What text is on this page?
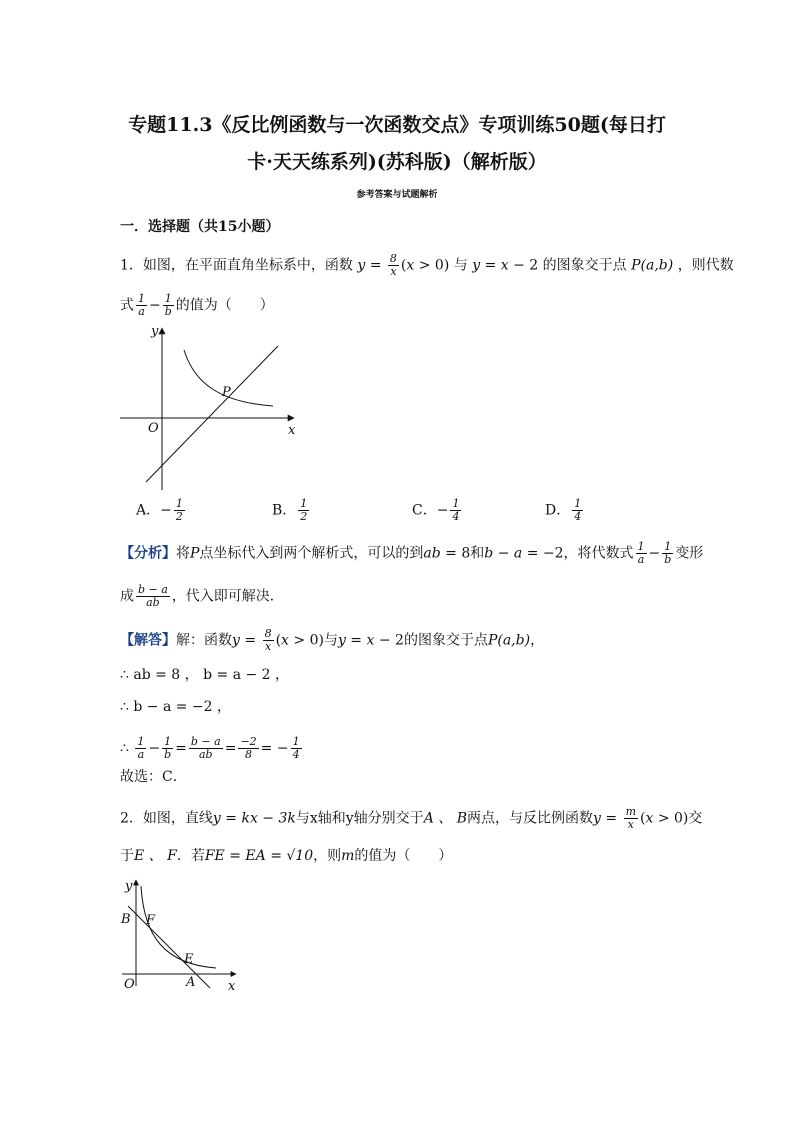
专题11.3《反比例函数与一次函数交点》专项训练50题(每日打
卡·天天练系列)(苏科版)（解析版）
参考答案与试题解析
一．选择题（共15小题）
1．如图，在平面直角坐标系中，函数 $y = \frac{8}{x} (x > 0)$ 与 y = x − 2 的图象交于点 P(a,b) ，则代数
式 $\frac{1}{a} - \frac{1}{b}$ 的值为（　　）
y
x
O
P
A．− $\frac{1}{2}$	B． $\frac{1}{2}$	C．− $\frac{1}{4}$	D． $\frac{1}{4}$
【分析】将P点坐标代入到两个解析式，可以的到ab = 8和b − a = −2，将代数式 $\frac{1}{a} - \frac{1}{b}$ 变形
成 $\frac{b - a}{ab}$ ，代入即可解决．
【解答】解：函数$y = \frac{8}{x} (x > 0)$与y = x − 2的图象交于点P(a,b)，
∴ ab = 8 ， b = a − 2 ，
∴ b − a = −2 ，
∴ $\frac{1}{a} - \frac{1}{b} = \frac{b - a}{ab} = \frac{-2}{8}$ = − $\frac{1}{4}$
故选：C．
2．如图，直线y = kx − 3k与x轴和y轴分别交于A 、 B两点，与反比例函数$y = \frac{m}{x} (x > 0)$交
于E 、 F．若FE = EA = √10，则m的值为（　　）
y
x
O
B F
E
A
